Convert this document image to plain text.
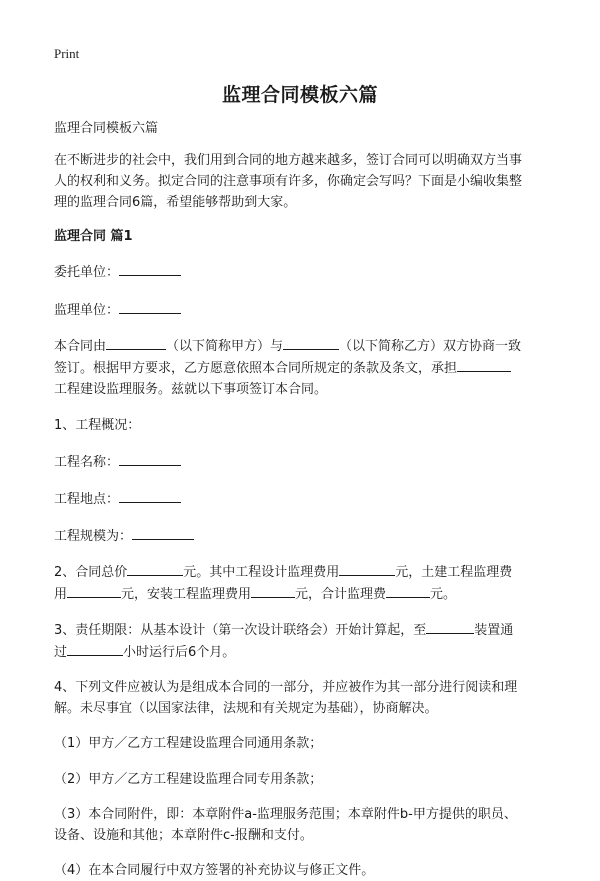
Print
监理合同模板六篇

监理合同模板六篇

在不断进步的社会中，我们用到合同的地方越来越多，签订合同可以明确双方当事

人的权利和义务。拟定合同的注意事项有许多，你确定会写吗？下面是小编收集整

理的监理合同6篇，希望能够帮助到大家。

监理合同 篇1

委托单位：

监理单位：

本合同由	（以下简称甲方）与	（以下简称乙方）双方协商一致

签订。根据甲方要求，乙方愿意依照本合同所规定的条款及条文，承担

工程建设监理服务。兹就以下事项签订本合同。

1、工程概况：

工程名称：

工程地点：

工程规模为：

2、合同总价	元。其中工程设计监理费用	元，土建工程监理费

用	元，安装工程监理费用	元，合计监理费	元。

3、责任期限：从基本设计（第一次设计联络会）开始计算起，至	装置通

过	小时运行后6个月。

4、下列文件应被认为是组成本合同的一部分，并应被作为其一部分进行阅读和理

解。未尽事宜（以国家法律，法规和有关规定为基础），协商解决。

（1）甲方／乙方工程建设监理合同通用条款；

（2）甲方／乙方工程建设监理合同专用条款；

（3）本合同附件，即：本章附件a-监理服务范围；本章附件b-甲方提供的职员、

设备、设施和其他；本章附件c-报酬和支付。

（4）在本合同履行中双方签署的补充协议与修正文件。
